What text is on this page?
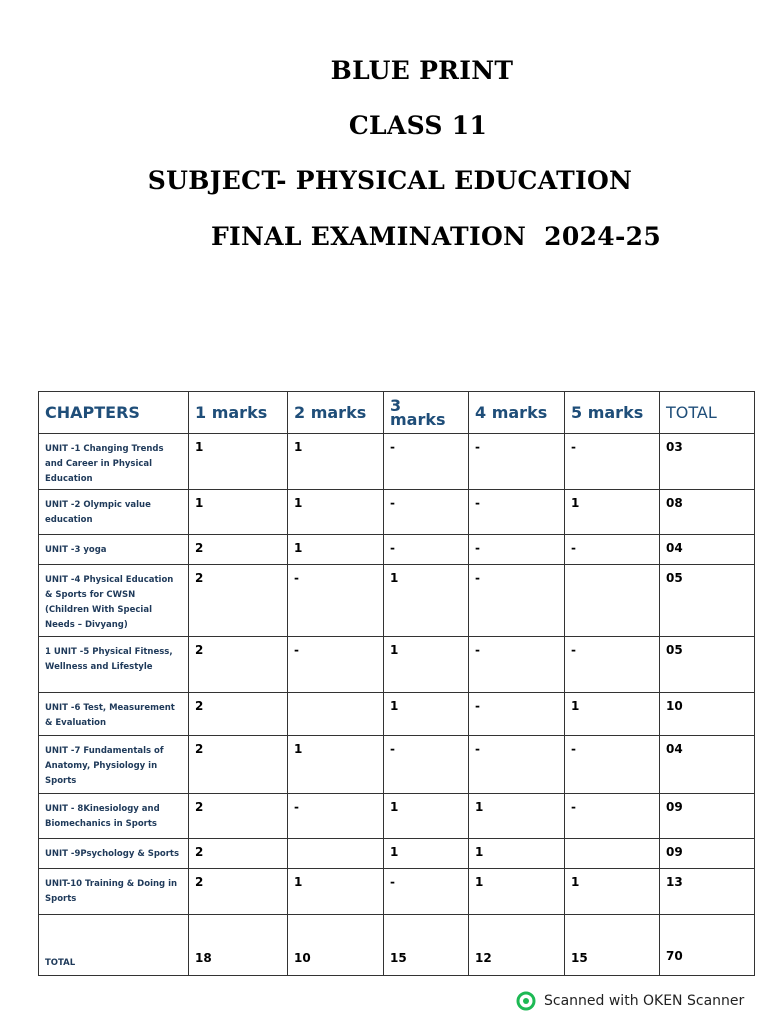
BLUE PRINT
CLASS 11
SUBJECT- PHYSICAL EDUCATION
FINAL EXAMINATION  2024-25
CHAPTERS	1 marks	2 marks	3 marks	4 marks	5 marks	TOTAL
UNIT -1 Changing Trends and Career in Physical Education	1	1	-	-	-	03
UNIT -2 Olympic value education	1	1	-	-	1	08
UNIT -3 yoga	2	1	-	-	-	04
UNIT -4 Physical Education & Sports for CWSN (Children With Special Needs – Divyang)	2	-	1	-		05
1 UNIT -5 Physical Fitness, Wellness and Lifestyle	2	-	1	-	-	05
UNIT -6 Test, Measurement & Evaluation	2		1	-	1	10
UNIT -7 Fundamentals of Anatomy, Physiology in Sports	2	1	-	-	-	04
UNIT - 8Kinesiology and Biomechanics in Sports	2	-	1	1	-	09
UNIT -9Psychology & Sports	2		1	1		09
UNIT-10 Training & Doing in Sports	2	1	-	1	1	13
TOTAL	18	10	15	12	15	70
Scanned with OKEN Scanner
